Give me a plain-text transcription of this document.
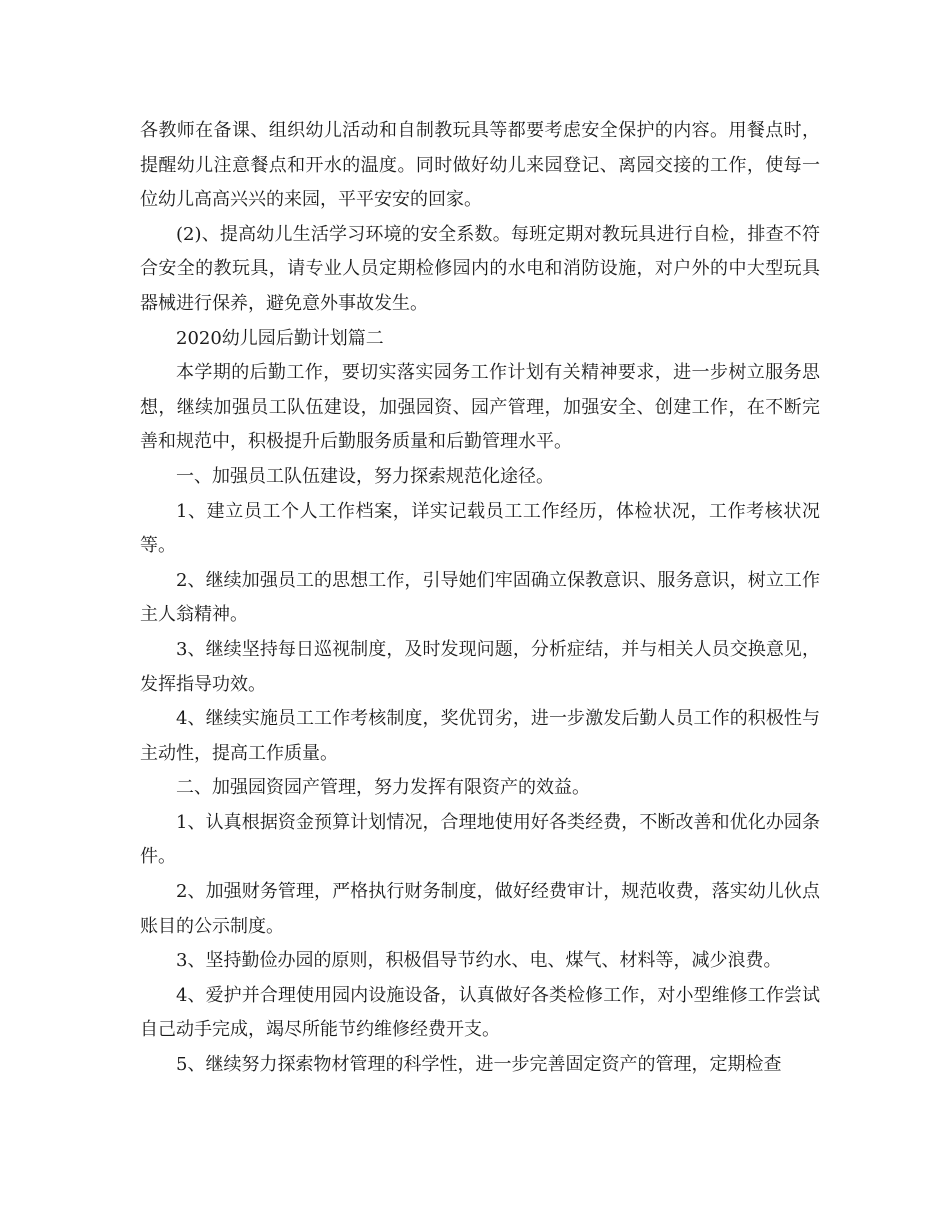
各教师在备课、组织幼儿活动和自制教玩具等都要考虑安全保护的内容。用餐点时，提醒幼儿注意餐点和开水的温度。同时做好幼儿来园登记、离园交接的工作，使每一位幼儿高高兴兴的来园，平平安安的回家。

(2)、提高幼儿生活学习环境的安全系数。每班定期对教玩具进行自检，排查不符合安全的教玩具，请专业人员定期检修园内的水电和消防设施，对户外的中大型玩具器械进行保养，避免意外事故发生。

2020幼儿园后勤计划篇二

本学期的后勤工作，要切实落实园务工作计划有关精神要求，进一步树立服务思想，继续加强员工队伍建设，加强园资、园产管理，加强安全、创建工作，在不断完善和规范中，积极提升后勤服务质量和后勤管理水平。

一、加强员工队伍建设，努力探索规范化途径。

1、建立员工个人工作档案，详实记载员工工作经历，体检状况，工作考核状况等。

2、继续加强员工的思想工作，引导她们牢固确立保教意识、服务意识，树立工作主人翁精神。

3、继续坚持每日巡视制度，及时发现问题，分析症结，并与相关人员交换意见，发挥指导功效。

4、继续实施员工工作考核制度，奖优罚劣，进一步激发后勤人员工作的积极性与主动性，提高工作质量。

二、加强园资园产管理，努力发挥有限资产的效益。

1、认真根据资金预算计划情况，合理地使用好各类经费，不断改善和优化办园条件。

2、加强财务管理，严格执行财务制度，做好经费审计，规范收费，落实幼儿伙点账目的公示制度。

3、坚持勤俭办园的原则，积极倡导节约水、电、煤气、材料等，减少浪费。

4、爱护并合理使用园内设施设备，认真做好各类检修工作，对小型维修工作尝试自己动手完成，竭尽所能节约维修经费开支。

5、继续努力探索物材管理的科学性，进一步完善固定资产的管理，定期检查
